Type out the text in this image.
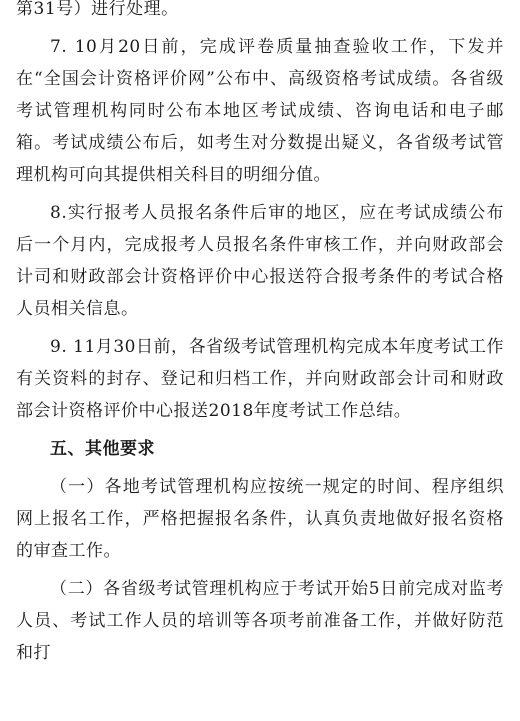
第31号）进行处理。

7. 10月20日前，完成评卷质量抽查验收工作，下发并在“全国会计资格评价网”公布中、高级资格考试成绩。各省级考试管理机构同时公布本地区考试成绩、咨询电话和电子邮箱。考试成绩公布后，如考生对分数提出疑义，各省级考试管理机构可向其提供相关科目的明细分值。

8.实行报考人员报名条件后审的地区，应在考试成绩公布后一个月内，完成报考人员报名条件审核工作，并向财政部会计司和财政部会计资格评价中心报送符合报考条件的考试合格人员相关信息。

9. 11月30日前，各省级考试管理机构完成本年度考试工作有关资料的封存、登记和归档工作，并向财政部会计司和财政部会计资格评价中心报送2018年度考试工作总结。

五、其他要求

（一）各地考试管理机构应按统一规定的时间、程序组织网上报名工作，严格把握报名条件，认真负责地做好报名资格的审查工作。

（二）各省级考试管理机构应于考试开始5日前完成对监考人员、考试工作人员的培训等各项考前准备工作，并做好防范和打
